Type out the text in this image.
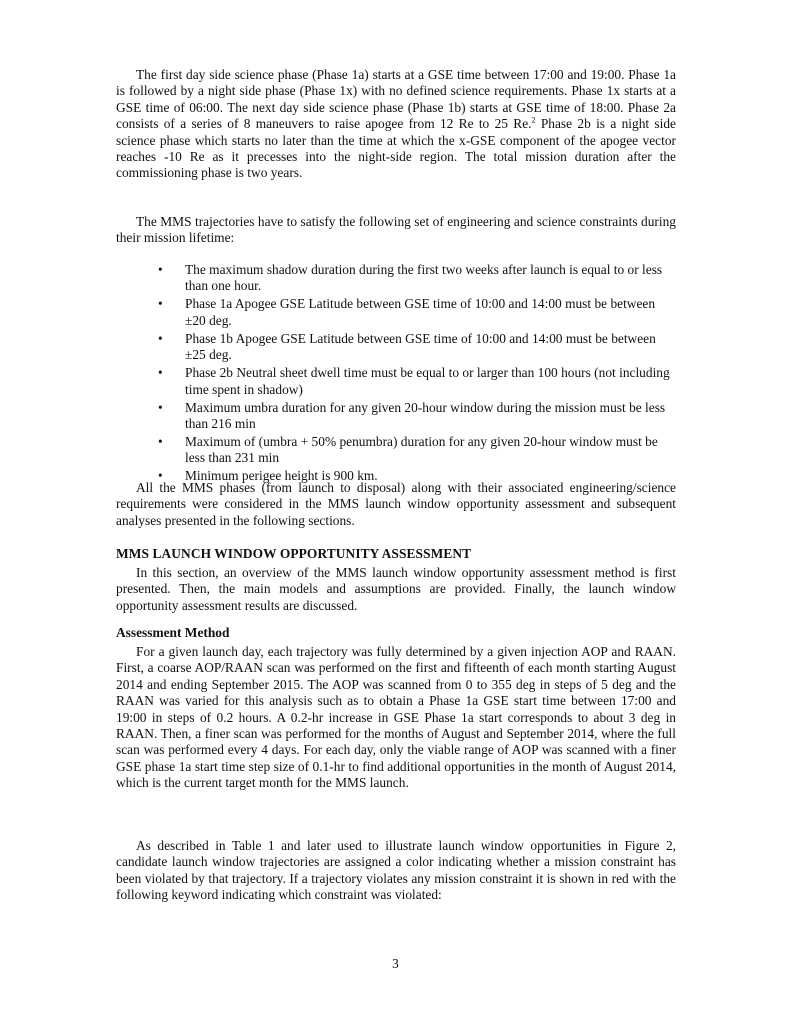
The first day side science phase (Phase 1a) starts at a GSE time between 17:00 and 19:00. Phase 1a is followed by a night side phase (Phase 1x) with no defined science requirements. Phase 1x starts at a GSE time of 06:00. The next day side science phase (Phase 1b) starts at GSE time of 18:00. Phase 2a consists of a series of 8 maneuvers to raise apogee from 12 Re to 25 Re.$^2$ Phase 2b is a night side science phase which starts no later than the time at which the x-GSE component of the apogee vector reaches -10 Re as it precesses into the night-side region. The total mission duration after the commissioning phase is two years.

The MMS trajectories have to satisfy the following set of engineering and science constraints during their mission lifetime:

• The maximum shadow duration during the first two weeks after launch is equal to or less than one hour.
• Phase 1a Apogee GSE Latitude between GSE time of 10:00 and 14:00 must be between ±20 deg.
• Phase 1b Apogee GSE Latitude between GSE time of 10:00 and 14:00 must be between ±25 deg.
• Phase 2b Neutral sheet dwell time must be equal to or larger than 100 hours (not including time spent in shadow)
• Maximum umbra duration for any given 20-hour window during the mission must be less than 216 min
• Maximum of (umbra + 50% penumbra) duration for any given 20-hour window must be less than 231 min
• Minimum perigee height is 900 km.

All the MMS phases (from launch to disposal) along with their associated engineering/science requirements were considered in the MMS launch window opportunity assessment and subsequent analyses presented in the following sections.

MMS LAUNCH WINDOW OPPORTUNITY ASSESSMENT

In this section, an overview of the MMS launch window opportunity assessment method is first presented. Then, the main models and assumptions are provided. Finally, the launch window opportunity assessment results are discussed.

Assessment Method

For a given launch day, each trajectory was fully determined by a given injection AOP and RAAN. First, a coarse AOP/RAAN scan was performed on the first and fifteenth of each month starting August 2014 and ending September 2015. The AOP was scanned from 0 to 355 deg in steps of 5 deg and the RAAN was varied for this analysis such as to obtain a Phase 1a GSE start time between 17:00 and 19:00 in steps of 0.2 hours. A 0.2-hr increase in GSE Phase 1a start corresponds to about 3 deg in RAAN. Then, a finer scan was performed for the months of August and September 2014, where the full scan was performed every 4 days. For each day, only the viable range of AOP was scanned with a finer GSE phase 1a start time step size of 0.1-hr to find additional opportunities in the month of August 2014, which is the current target month for the MMS launch.

As described in Table 1 and later used to illustrate launch window opportunities in Figure 2, candidate launch window trajectories are assigned a color indicating whether a mission constraint has been violated by that trajectory. If a trajectory violates any mission constraint it is shown in red with the following keyword indicating which constraint was violated:

3
